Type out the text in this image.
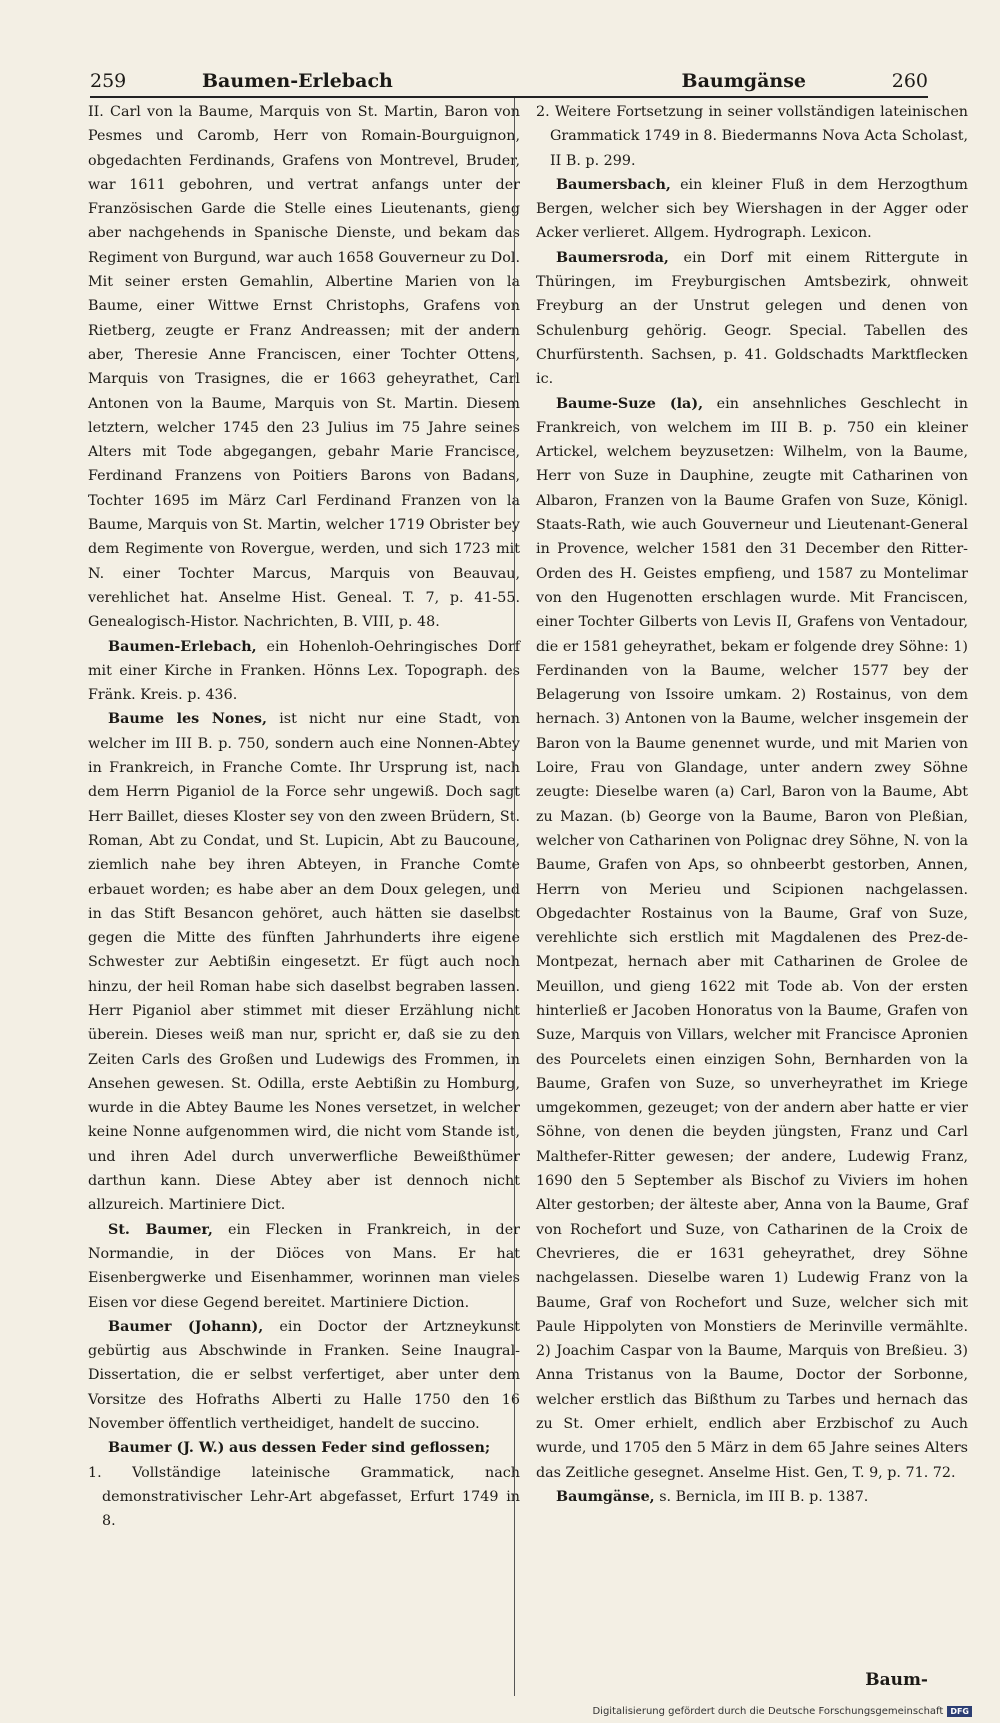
259	Baumen-Erlebach	Baumgänse	260

II. Carl von la Baume, Marquis von St. Martin, Baron von Pesmes und Caromb, Herr von Romain-Bourguignon, obgedachten Ferdinands, Grafens von Montrevel, Bruder, war 1611 gebohren, und vertrat anfangs unter der Französischen Garde die Stelle eines Lieutenants, gieng aber nachgehends in Spanische Dienste, und bekam das Regiment von Burgund, war auch 1658 Gouverneur zu Dol. Mit seiner ersten Gemahlin, Albertine Marien von la Baume, einer Wittwe Ernst Christophs, Grafens von Rietberg, zeugte er Franz Andreassen; mit der andern aber, Theresie Anne Franciscen, einer Tochter Ottens, Marquis von Trasignes, die er 1663 geheyrathet, Carl Antonen von la Baume, Marquis von St. Martin. Diesem letztern, welcher 1745 den 23 Julius im 75 Jahre seines Alters mit Tode abgegangen, gebahr Marie Francisce, Ferdinand Franzens von Poitiers Barons von Badans, Tochter 1695 im März Carl Ferdinand Franzen von la Baume, Marquis von St. Martin, welcher 1719 Obrister bey dem Regimente von Rovergue, werden, und sich 1723 mit N. einer Tochter Marcus, Marquis von Beauvau, verehlichet hat. Anselme Hist. Geneal. T. 7, p. 41-55. Genealogisch-Histor. Nachrichten, B. VIII, p. 48.

Baumen-Erlebach, ein Hohenloh-Oehringisches Dorf mit einer Kirche in Franken. Hönns Lex. Topograph. des Fränk. Kreis. p. 436.

Baume les Nones, ist nicht nur eine Stadt, von welcher im III B. p. 750, sondern auch eine Nonnen-Abtey in Frankreich, in Franche Comte. Ihr Ursprung ist, nach dem Herrn Piganiol de la Force sehr ungewiß. Doch sagt Herr Baillet, dieses Kloster sey von den zween Brüdern, St. Roman, Abt zu Condat, und St. Lupicin, Abt zu Baucoune, ziemlich nahe bey ihren Abteyen, in Franche Comte erbauet worden; es habe aber an dem Doux gelegen, und in das Stift Besancon gehöret, auch hätten sie daselbst gegen die Mitte des fünften Jahrhunderts ihre eigene Schwester zur Aebtißin eingesetzt. Er fügt auch noch hinzu, der heil Roman habe sich daselbst begraben lassen. Herr Piganiol aber stimmet mit dieser Erzählung nicht überein. Dieses weiß man nur, spricht er, daß sie zu den Zeiten Carls des Großen und Ludewigs des Frommen, in Ansehen gewesen. St. Odilla, erste Aebtißin zu Homburg, wurde in die Abtey Baume les Nones versetzet, in welcher keine Nonne aufgenommen wird, die nicht vom Stande ist, und ihren Adel durch unverwerfliche Beweißthümer darthun kann. Diese Abtey aber ist dennoch nicht allzureich. Martiniere Dict.

St. Baumer, ein Flecken in Frankreich, in der Normandie, in der Diöces von Mans. Er hat Eisenbergwerke und Eisenhammer, worinnen man vieles Eisen vor diese Gegend bereitet. Martiniere Diction.

Baumer (Johann), ein Doctor der Artzneykunst gebürtig aus Abschwinde in Franken. Seine Inaugral-Dissertation, die er selbst verfertiget, aber unter dem Vorsitze des Hofraths Alberti zu Halle 1750 den 16 November öffentlich vertheidiget, handelt de succino.

Baumer (J. W.) aus dessen Feder sind geflossen;

1. Vollständige lateinische Grammatick, nach demonstrativischer Lehr-Art abgefasset, Erfurt 1749 in 8.

2. Weitere Fortsetzung in seiner vollständigen lateinischen Grammatick 1749 in 8. Biedermanns Nova Acta Scholast, II B. p. 299.

Baumersbach, ein kleiner Fluß in dem Herzogthum Bergen, welcher sich bey Wiershagen in der Agger oder Acker verlieret. Allgem. Hydrograph. Lexicon.

Baumersroda, ein Dorf mit einem Rittergute in Thüringen, im Freyburgischen Amtsbezirk, ohnweit Freyburg an der Unstrut gelegen und denen von Schulenburg gehörig. Geogr. Special. Tabellen des Churfürstenth. Sachsen, p. 41. Goldschadts Marktflecken ic.

Baume-Suze (la), ein ansehnliches Geschlecht in Frankreich, von welchem im III B. p. 750 ein kleiner Artickel, welchem beyzusetzen: Wilhelm, von la Baume, Herr von Suze in Dauphine, zeugte mit Catharinen von Albaron, Franzen von la Baume Grafen von Suze, Königl. Staats-Rath, wie auch Gouverneur und Lieutenant-General in Provence, welcher 1581 den 31 December den Ritter-Orden des H. Geistes empfieng, und 1587 zu Montelimar von den Hugenotten erschlagen wurde. Mit Franciscen, einer Tochter Gilberts von Levis II, Grafens von Ventadour, die er 1581 geheyrathet, bekam er folgende drey Söhne: 1) Ferdinanden von la Baume, welcher 1577 bey der Belagerung von Issoire umkam. 2) Rostainus, von dem hernach. 3) Antonen von la Baume, welcher insgemein der Baron von la Baume genennet wurde, und mit Marien von Loire, Frau von Glandage, unter andern zwey Söhne zeugte: Dieselbe waren (a) Carl, Baron von la Baume, Abt zu Mazan. (b) George von la Baume, Baron von Pleßian, welcher von Catharinen von Polignac drey Söhne, N. von la Baume, Grafen von Aps, so ohnbeerbt gestorben, Annen, Herrn von Merieu und Scipionen nachgelassen. Obgedachter Rostainus von la Baume, Graf von Suze, verehlichte sich erstlich mit Magdalenen des Prez-de-Montpezat, hernach aber mit Catharinen de Grolee de Meuillon, und gieng 1622 mit Tode ab. Von der ersten hinterließ er Jacoben Honoratus von la Baume, Grafen von Suze, Marquis von Villars, welcher mit Francisce Apronien des Pourcelets einen einzigen Sohn, Bernharden von la Baume, Grafen von Suze, so unverheyrathet im Kriege umgekommen, gezeuget; von der andern aber hatte er vier Söhne, von denen die beyden jüngsten, Franz und Carl Malthefer-Ritter gewesen; der andere, Ludewig Franz, 1690 den 5 September als Bischof zu Viviers im hohen Alter gestorben; der älteste aber, Anna von la Baume, Graf von Rochefort und Suze, von Catharinen de la Croix de Chevrieres, die er 1631 geheyrathet, drey Söhne nachgelassen. Dieselbe waren 1) Ludewig Franz von la Baume, Graf von Rochefort und Suze, welcher sich mit Paule Hippolyten von Monstiers de Merinville vermählte. 2) Joachim Caspar von la Baume, Marquis von Breßieu. 3) Anna Tristanus von la Baume, Doctor der Sorbonne, welcher erstlich das Bißthum zu Tarbes und hernach das zu St. Omer erhielt, endlich aber Erzbischof zu Auch wurde, und 1705 den 5 März in dem 65 Jahre seines Alters das Zeitliche gesegnet. Anselme Hist. Gen, T. 9, p. 71. 72.

Baumgänse, s. Bernicla, im III B. p. 1387.

Baum-
Digitalisierung gefördert durch die Deutsche Forschungsgemeinschaft DFG
